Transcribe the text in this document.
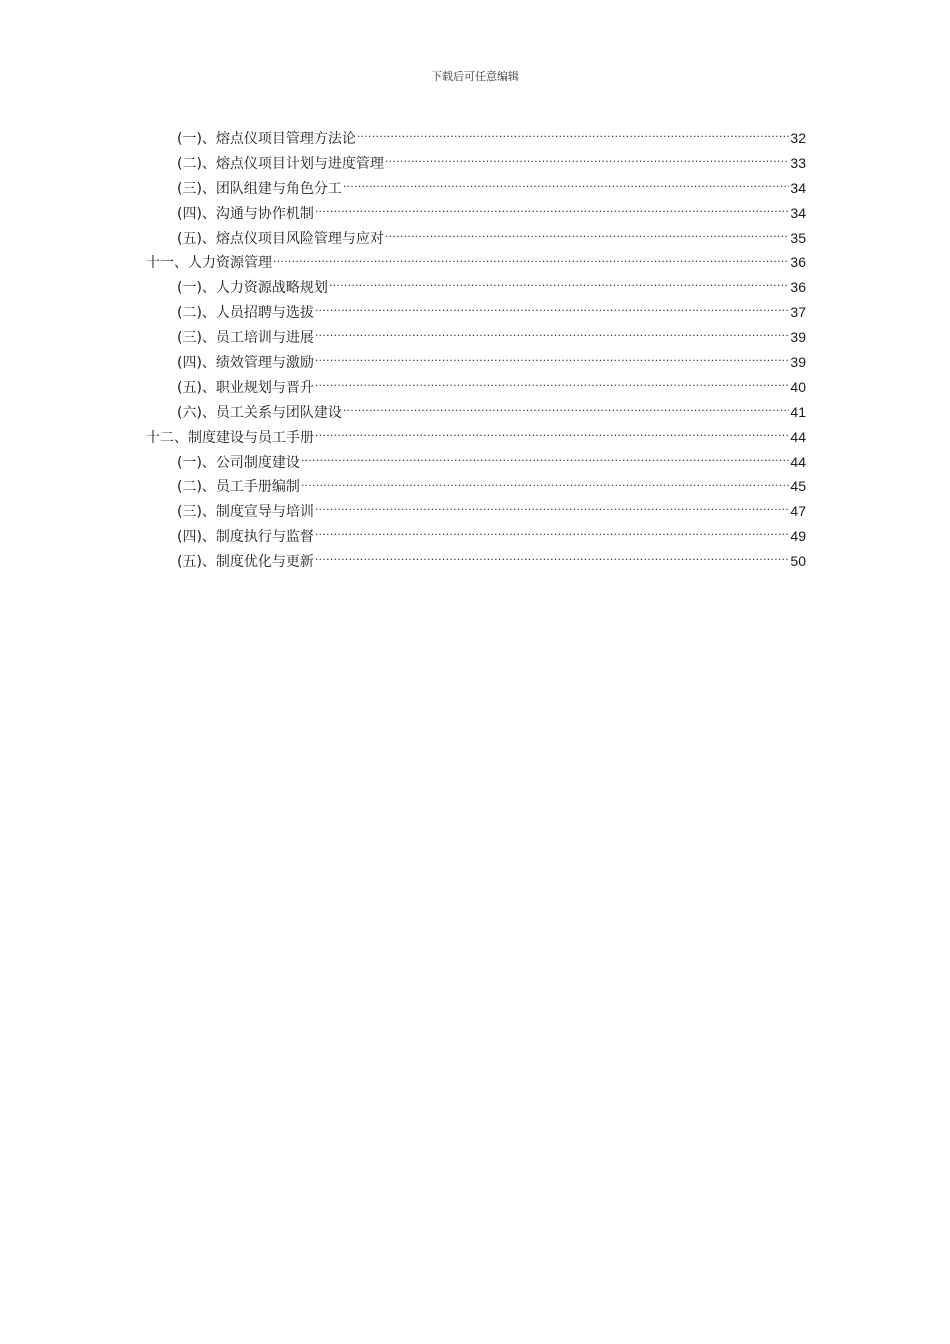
下载后可任意编辑
(一)、熔点仪项目管理方法论 .....	32
(二)、熔点仪项目计划与进度管理 .....	33
(三)、团队组建与角色分工 .....	34
(四)、沟通与协作机制 .....	34
(五)、熔点仪项目风险管理与应对 .....	35
十一、人力资源管理 .....	36
(一)、人力资源战略规划 .....	36
(二)、人员招聘与选拔 .....	37
(三)、员工培训与进展 .....	39
(四)、绩效管理与激励 .....	39
(五)、职业规划与晋升 .....	40
(六)、员工关系与团队建设 .....	41
十二、制度建设与员工手册 .....	44
(一)、公司制度建设 .....	44
(二)、员工手册编制 .....	45
(三)、制度宣导与培训 .....	47
(四)、制度执行与监督 .....	49
(五)、制度优化与更新 .....	50
